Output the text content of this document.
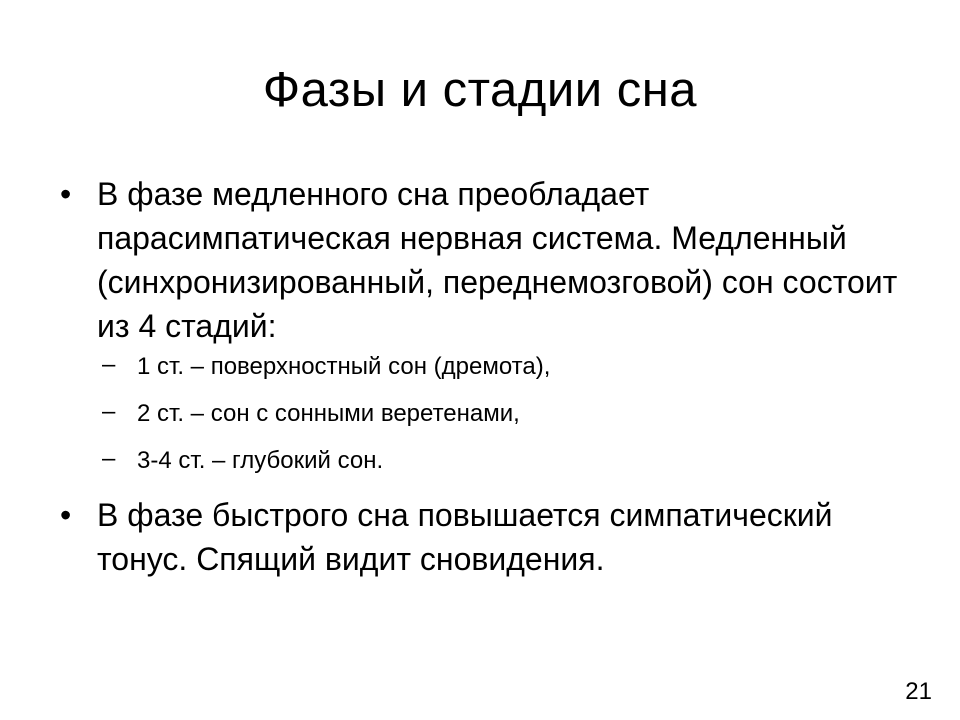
Фазы и стадии сна
• В фазе медленного сна преобладает парасимпатическая нервная система. Медленный (синхронизированный, переднемозговой) сон состоит из 4 стадий:
– 1 ст. – поверхностный сон (дремота),
– 2 ст. – сон с сонными веретенами,
– 3-4 ст. – глубокий сон.
• В фазе быстрого сна повышается симпатический тонус. Спящий видит сновидения.
21
